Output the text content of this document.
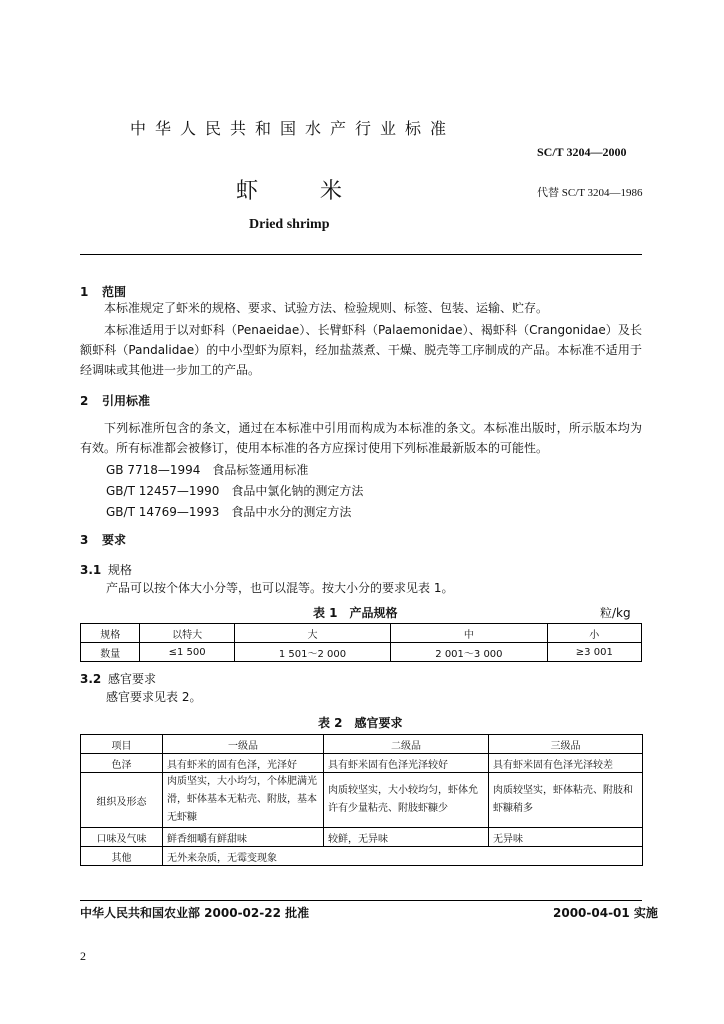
中华人民共和国水产行业标准
SC/T 3204—2000
虾	米	代替 SC/T 3204—1986
Dried shrimp
1 范围
本标准规定了虾米的规格、要求、试验方法、检验规则、标签、包装、运输、贮存。
本标准适用于以对虾科（Penaeidae）、长臂虾科（Palaemonidae）、褐虾科（Crangonidae）及长额虾科（Pandalidae）的中小型虾为原料，经加盐蒸煮、干燥、脱壳等工序制成的产品。本标准不适用于经调味或其他进一步加工的产品。
2 引用标准
下列标准所包含的条文，通过在本标准中引用而构成为本标准的条文。本标准出版时，所示版本均为有效。所有标准都会被修订，使用本标准的各方应探讨使用下列标准最新版本的可能性。
GB 7718—1994　食品标签通用标准
GB/T 12457—1990　食品中氯化钠的测定方法
GB/T 14769—1993　食品中水分的测定方法
3 要求
3.1 规格
产品可以按个体大小分等，也可以混等。按大小分的要求见表 1。
表 1　产品规格	粒/kg
规格	以特大	大	中	小
数量	≤1 500	1 501～2 000	2 001～3 000	≥3 001
3.2 感官要求
感官要求见表 2。
表 2　感官要求
项目	一级品	二级品	三级品
色泽	具有虾米的固有色泽，光泽好	具有虾米固有色泽光泽较好	具有虾米固有色泽光泽较差
组织及形态	肉质坚实，大小均匀，个体肥满光滑，虾体基本无粘壳、附肢，基本无虾糠	肉质较坚实，大小较均匀，虾体允许有少量粘壳、附肢虾糠少	肉质较坚实，虾体粘壳、附肢和虾糠稍多
口味及气味	鲜香细嚼有鲜甜味	较鲜，无异味	无异味
其他	无外来杂质，无霉变现象		
中华人民共和国农业部 2000-02-22 批准	2000-04-01 实施
2
